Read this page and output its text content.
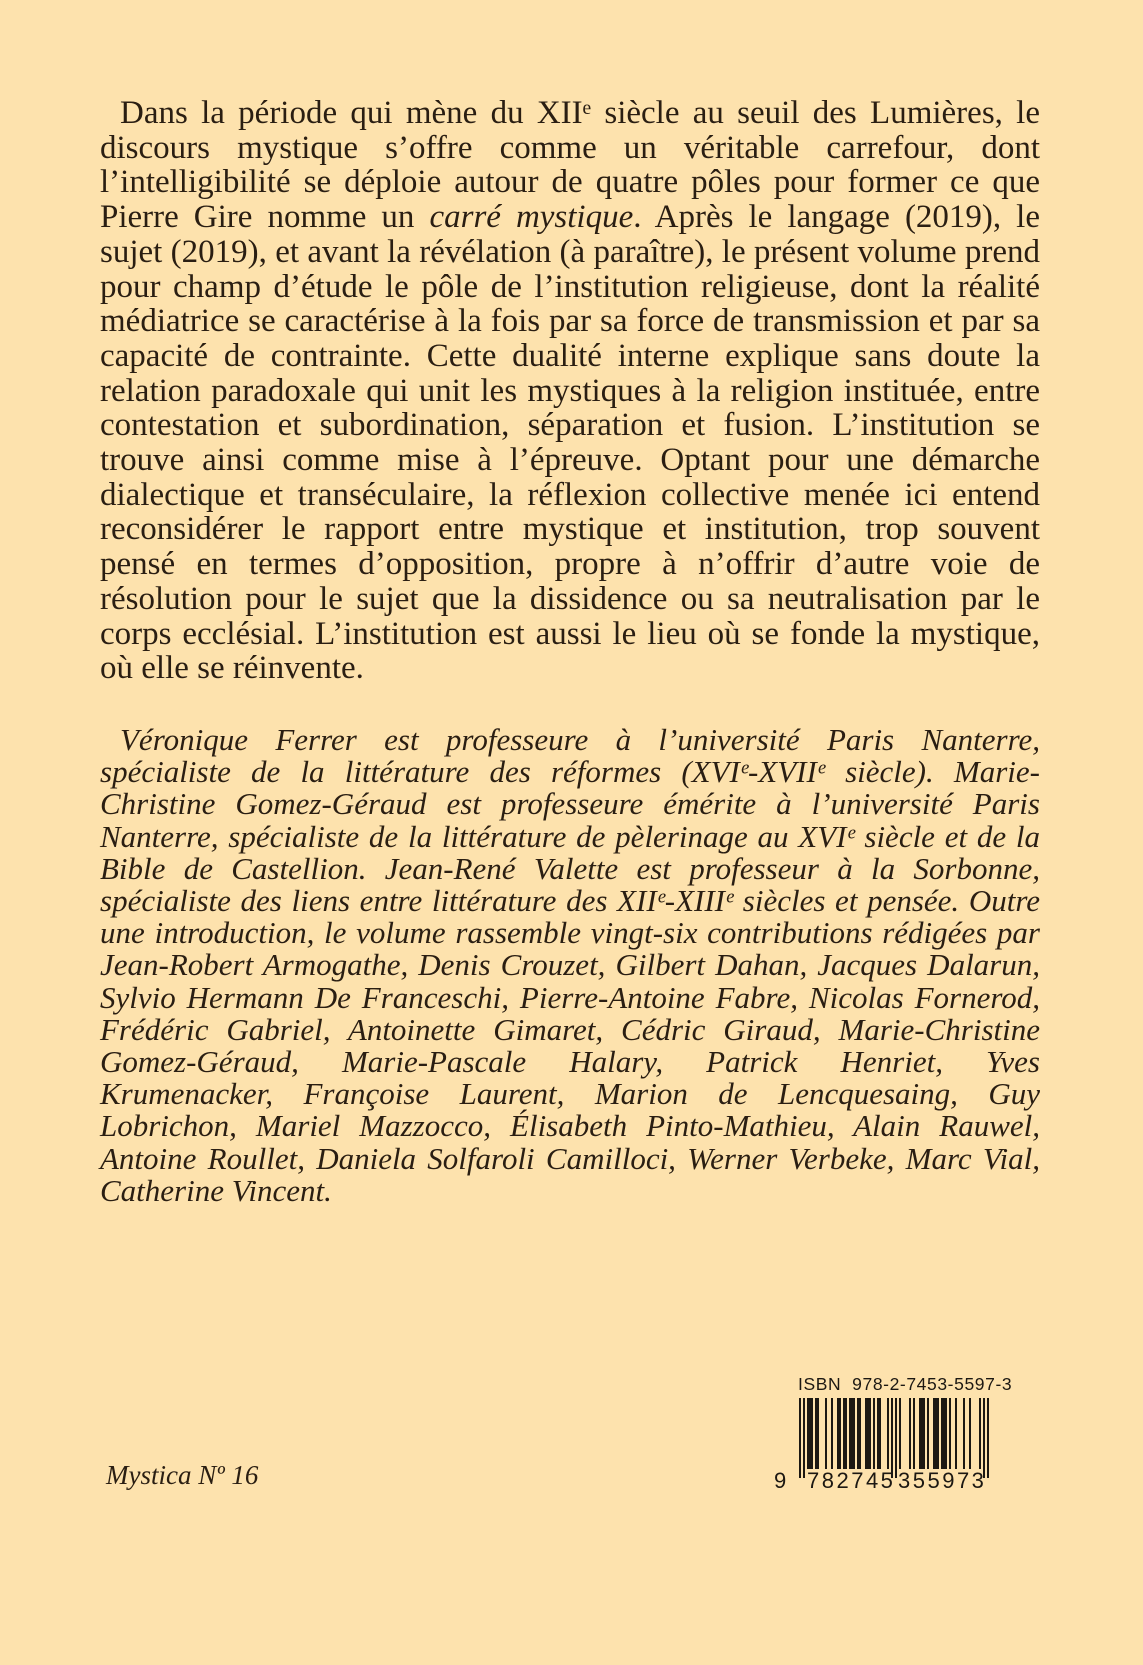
Dans la période qui mène du XIIᵉ siècle au seuil des Lumières, le discours mystique s’offre comme un véritable carrefour, dont l’intelligibilité se déploie autour de quatre pôles pour former ce que Pierre Gire nomme un carré mystique. Après le langage (2019), le sujet (2019), et avant la révélation (à paraître), le présent volume prend pour champ d’étude le pôle de l’institution religieuse, dont la réalité médiatrice se caractérise à la fois par sa force de transmission et par sa capacité de contrainte. Cette dualité interne explique sans doute la relation paradoxale qui unit les mystiques à la religion instituée, entre contestation et subordination, séparation et fusion. L’institution se trouve ainsi comme mise à l’épreuve. Optant pour une démarche dialectique et transéculaire, la réflexion collective menée ici entend reconsidérer le rapport entre mystique et institution, trop souvent pensé en termes d’opposition, propre à n’offrir d’autre voie de résolution pour le sujet que la dissidence ou sa neutralisation par le corps ecclésial. L’institution est aussi le lieu où se fonde la mystique, où elle se réinvente.

Véronique Ferrer est professeure à l’université Paris Nanterre, spécialiste de la littérature des réformes (XVIᵉ-XVIIᵉ siècle). Marie-Christine Gomez-Géraud est professeure émérite à l’université Paris Nanterre, spécialiste de la littérature de pèlerinage au XVIᵉ siècle et de la Bible de Castellion. Jean-René Valette est professeur à la Sorbonne, spécialiste des liens entre littérature des XIIᵉ-XIIIᵉ siècles et pensée. Outre une introduction, le volume rassemble vingt-six contributions rédigées par Jean-Robert Armogathe, Denis Crouzet, Gilbert Dahan, Jacques Dalarun, Sylvio Hermann De Franceschi, Pierre-Antoine Fabre, Nicolas Fornerod, Frédéric Gabriel, Antoinette Gimaret, Cédric Giraud, Marie-Christine Gomez-Géraud, Marie-Pascale Halary, Patrick Henriet, Yves Krumenacker, Françoise Laurent, Marion de Lencquesaing, Guy Lobrichon, Mariel Mazzocco, Élisabeth Pinto-Mathieu, Alain Rauwel, Antoine Roullet, Daniela Solfaroli Camilloci, Werner Verbeke, Marc Vial, Catherine Vincent.

Mystica Nº 16
ISBN  978-2-7453-5597-3
9 782745 355973
